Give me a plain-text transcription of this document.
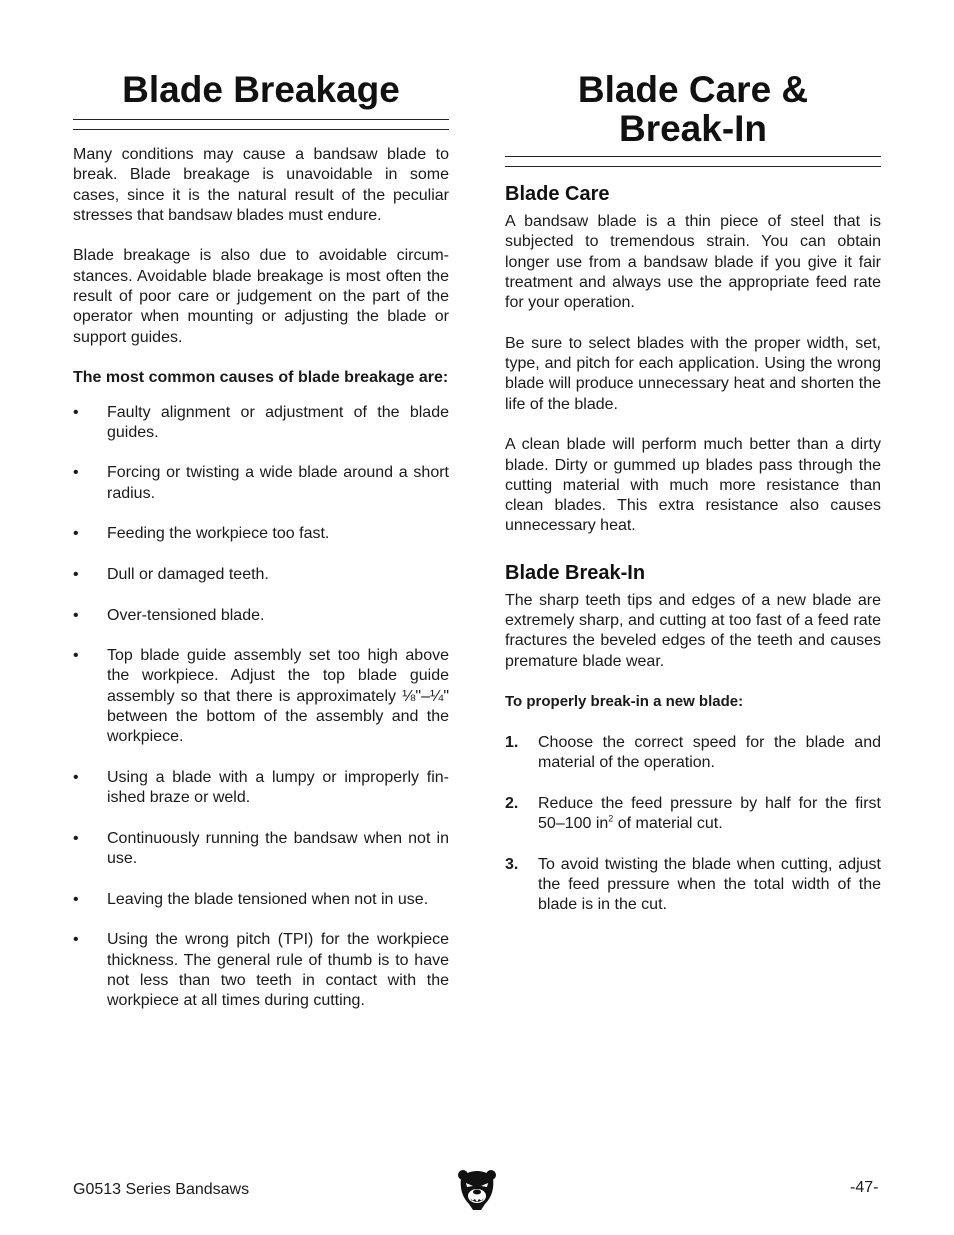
Blade Breakage

Many conditions may cause a bandsaw blade to break. Blade breakage is unavoidable in some cases, since it is the natural result of the peculiar stresses that bandsaw blades must endure.

Blade breakage is also due to avoidable circum-stances. Avoidable blade breakage is most often the result of poor care or judgement on the part of the operator when mounting or adjusting the blade or support guides.

The most common causes of blade breakage are:

• Faulty alignment or adjustment of the blade guides.
• Forcing or twisting a wide blade around a short radius.
• Feeding the workpiece too fast.
• Dull or damaged teeth.
• Over-tensioned blade.
• Top blade guide assembly set too high above the workpiece. Adjust the top blade guide assembly so that there is approximately ⅛"–¼" between the bottom of the assembly and the workpiece.
• Using a blade with a lumpy or improperly fin-ished braze or weld.
• Continuously running the bandsaw when not in use.
• Leaving the blade tensioned when not in use.
• Using the wrong pitch (TPI) for the workpiece thickness. The general rule of thumb is to have not less than two teeth in contact with the workpiece at all times during cutting.
Blade Care &
Break-In
Blade Care

A bandsaw blade is a thin piece of steel that is subjected to tremendous strain. You can obtain longer use from a bandsaw blade if you give it fair treatment and always use the appropriate feed rate for your operation.

Be sure to select blades with the proper width, set, type, and pitch for each application. Using the wrong blade will produce unnecessary heat and shorten the life of the blade.

A clean blade will perform much better than a dirty blade. Dirty or gummed up blades pass through the cutting material with much more resistance than clean blades. This extra resistance also causes unnecessary heat.

Blade Break-In

The sharp teeth tips and edges of a new blade are extremely sharp, and cutting at too fast of a feed rate fractures the beveled edges of the teeth and causes premature blade wear.

To properly break-in a new blade:

1. Choose the correct speed for the blade and material of the operation.
2. Reduce the feed pressure by half for the first 50–100 $in^2$ of material cut.
3. To avoid twisting the blade when cutting, adjust the feed pressure when the total width of the blade is in the cut.
G0513 Series Bandsaws	-47-
